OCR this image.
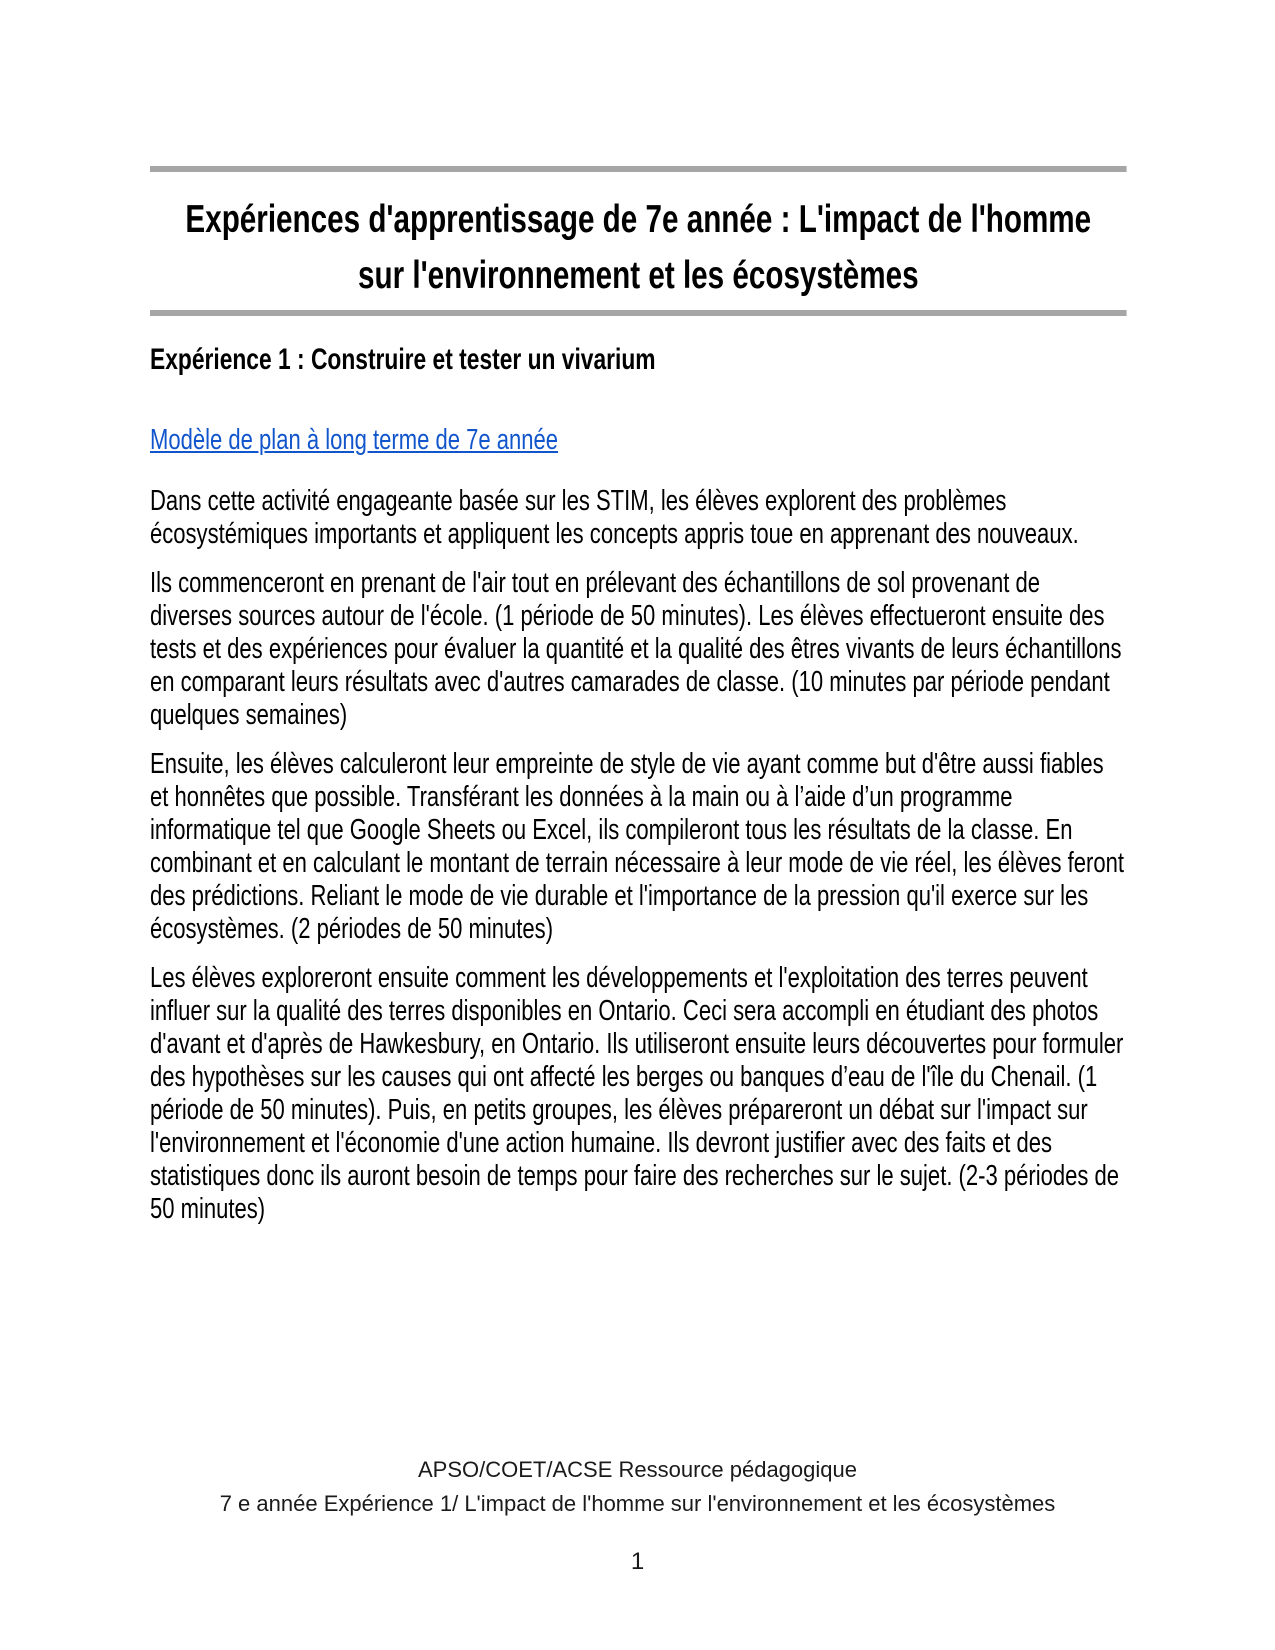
Expériences d'apprentissage de 7e année : L'impact de l'homme
sur l'environnement et les écosystèmes
Expérience 1 : Construire et tester un vivarium
Modèle de plan à long terme de 7e année

Dans cette activité engageante basée sur les STIM, les élèves explorent des problèmes écosystémiques importants et appliquent les concepts appris toue en apprenant des nouveaux.

Ils commenceront en prenant de l'air tout en prélevant des échantillons de sol provenant de diverses sources autour de l'école. (1 période de 50 minutes). Les élèves effectueront ensuite des tests et des expériences pour évaluer la quantité et la qualité des êtres vivants de leurs échantillons en comparant leurs résultats avec d'autres camarades de classe. (10 minutes par période pendant quelques semaines)

Ensuite, les élèves calculeront leur empreinte de style de vie ayant comme but d'être aussi fiables et honnêtes que possible. Transférant les données à la main ou à l’aide d’un programme informatique tel que Google Sheets ou Excel, ils compileront tous les résultats de la classe. En combinant et en calculant le montant de terrain nécessaire à leur mode de vie réel, les élèves feront des prédictions. Reliant le mode de vie durable et l'importance de la pression qu'il exerce sur les écosystèmes. (2 périodes de 50 minutes)

Les élèves exploreront ensuite comment les développements et l'exploitation des terres peuvent influer sur la qualité des terres disponibles en Ontario. Ceci sera accompli en étudiant des photos d'avant et d'après de Hawkesbury, en Ontario. Ils utiliseront ensuite leurs découvertes pour formuler des hypothèses sur les causes qui ont affecté les berges ou banques d’eau de l'île du Chenail. (1 période de 50 minutes). Puis, en petits groupes, les élèves prépareront un débat sur l'impact sur l'environnement et l'économie d'une action humaine. Ils devront justifier avec des faits et des statistiques donc ils auront besoin de temps pour faire des recherches sur le sujet. (2-3 périodes de 50 minutes)

APSO/COET/ACSE Ressource pédagogique
7 e année Expérience 1/ L'impact de l'homme sur l'environnement et les écosystèmes
1
